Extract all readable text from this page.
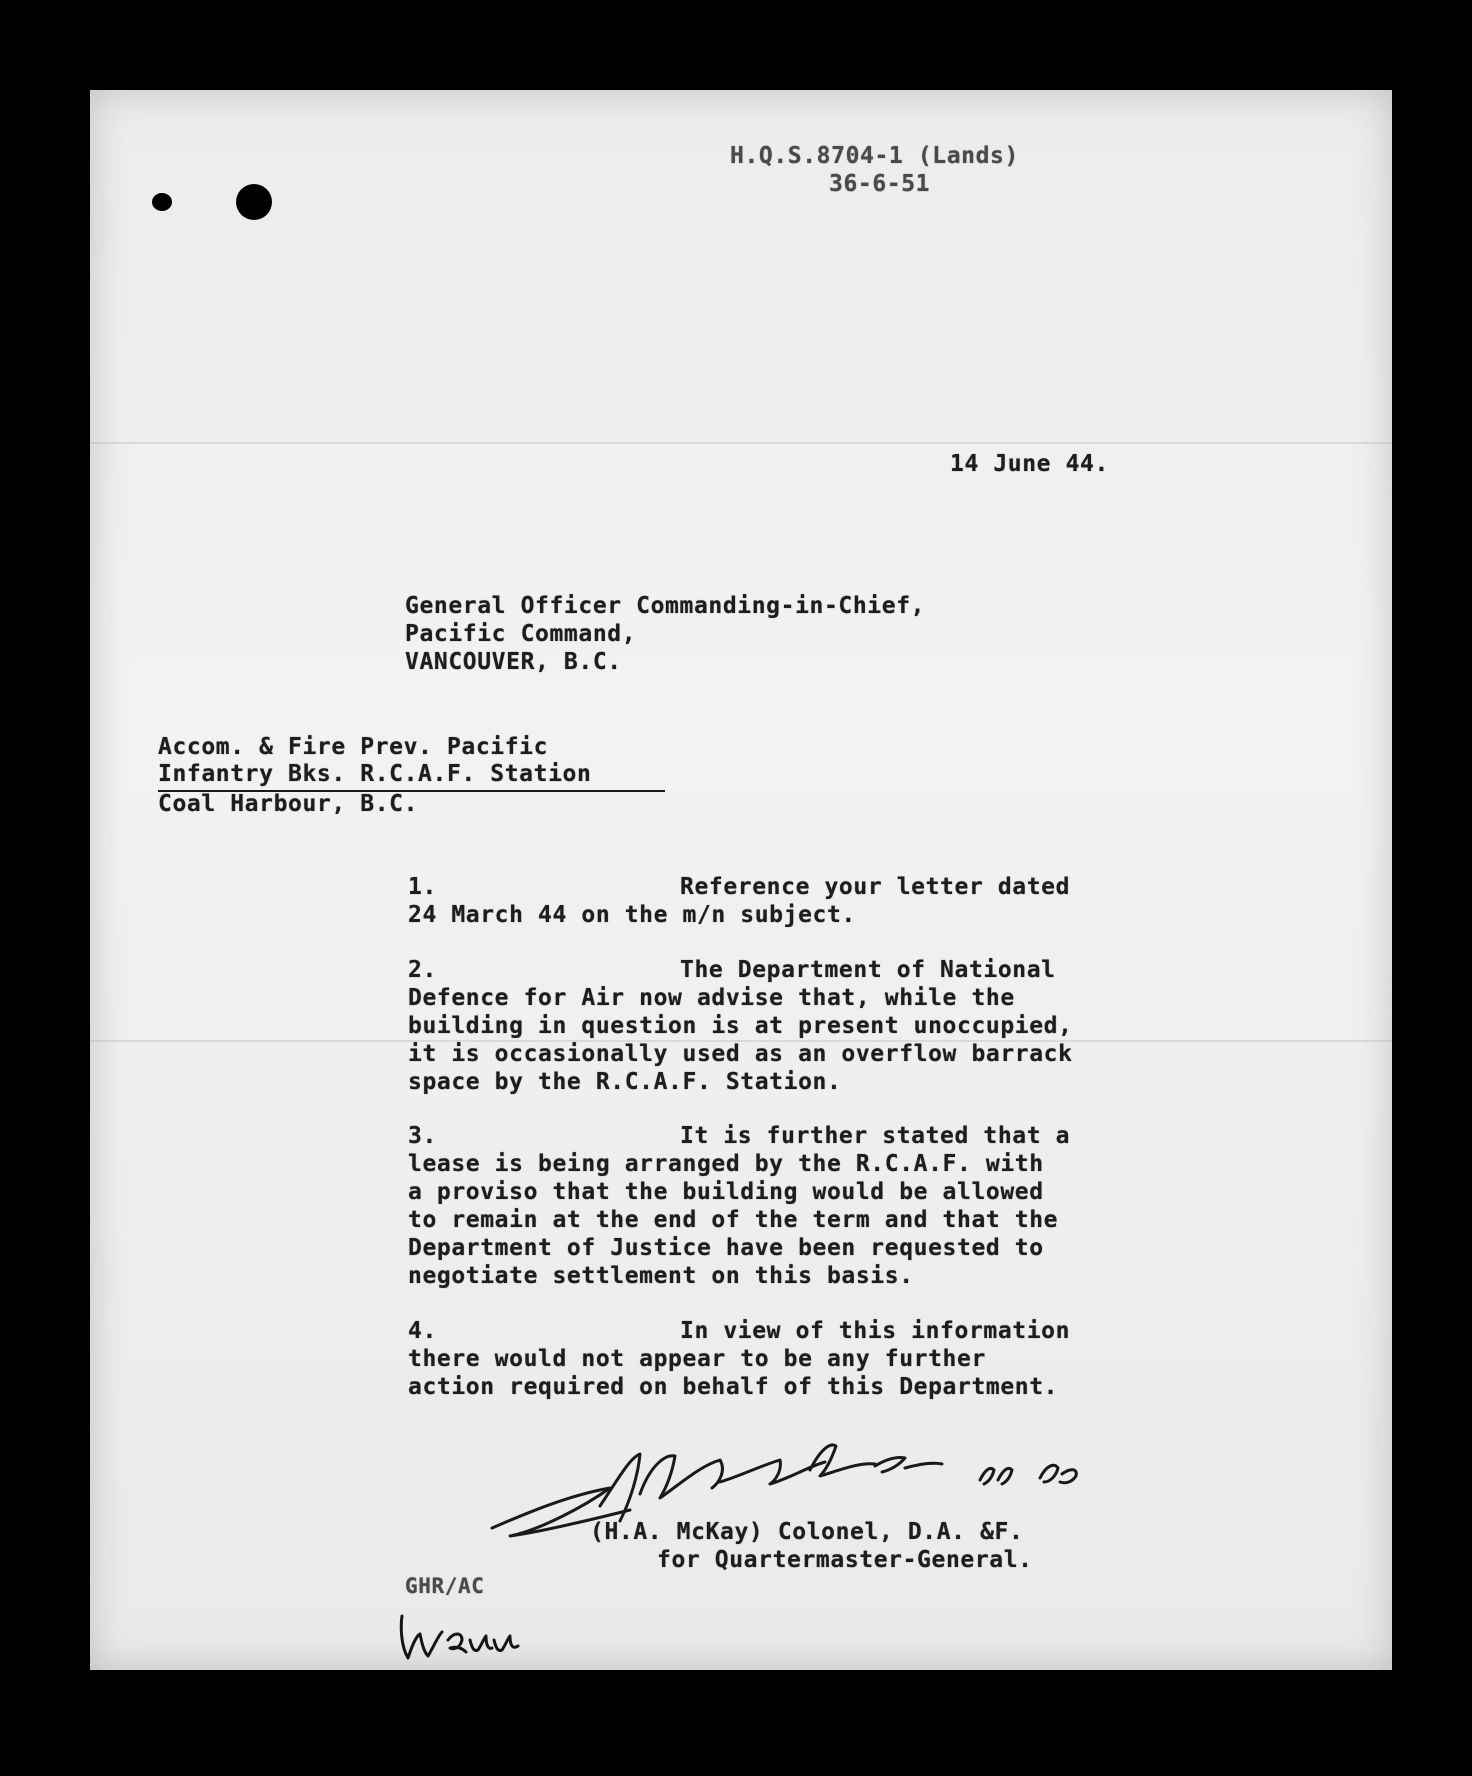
H.Q.S.8704-1 (Lands)
36-6-51
14 June 44.
General Officer Commanding-in-Chief,
Pacific Command,
VANCOUVER, B.C.
Accom. & Fire Prev. Pacific
Infantry Bks. R.C.A.F. Station
Coal Harbour, B.C.
1.	Reference your letter dated
24 March 44 on the m/n subject.
2.	The Department of National
Defence for Air now advise that, while the
building in question is at present unoccupied,
it is occasionally used as an overflow barrack
space by the R.C.A.F. Station.
3.	It is further stated that a
lease is being arranged by the R.C.A.F. with
a proviso that the building would be allowed
to remain at the end of the term and that the
Department of Justice have been requested to
negotiate settlement on this basis.
4.	In view of this information
there would not appear to be any further
action required on behalf of this Department.
(H.A. McKay) Colonel, D.A. &F.
for Quartermaster-General.
GHR/AC
